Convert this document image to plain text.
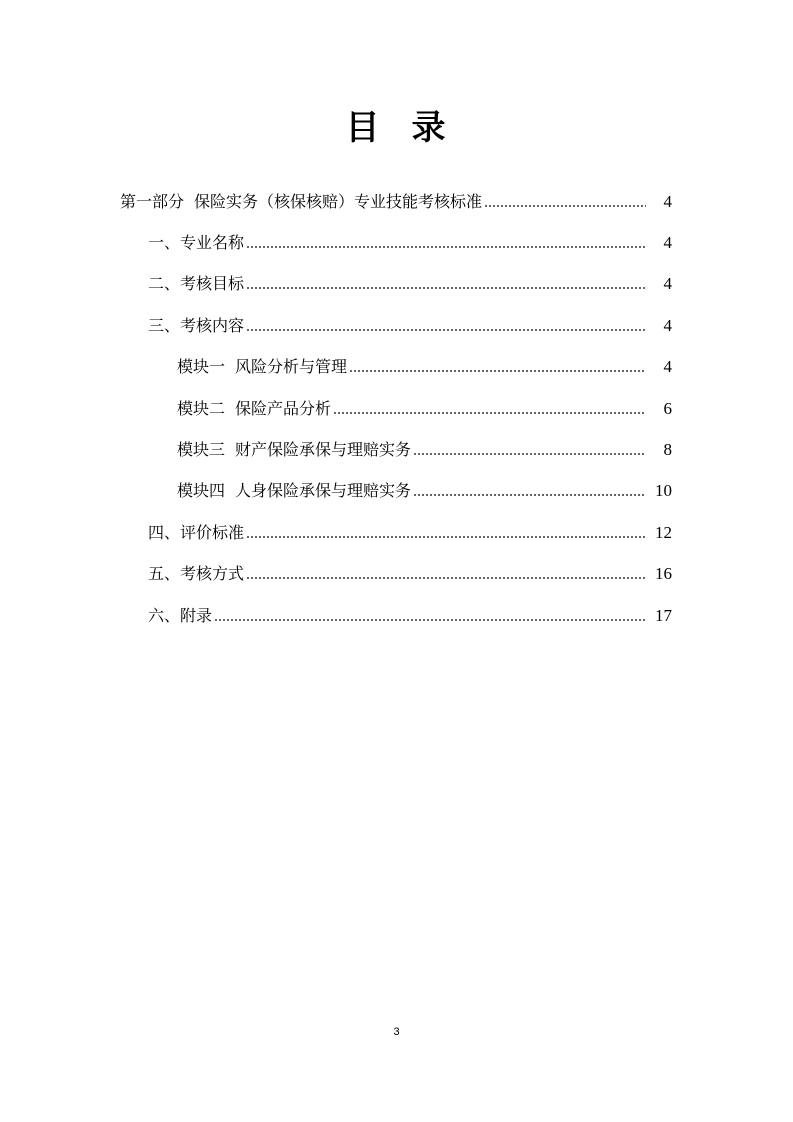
目 录
第一部分 保险实务（核保核赔）专业技能考核标准	4
一、专业名称	4
二、考核目标	4
三、考核内容	4
模块一 风险分析与管理	4
模块二 保险产品分析	6
模块三 财产保险承保与理赔实务	8
模块四 人身保险承保与理赔实务	10
四、评价标准	12
五、考核方式	16
六、附录	17
3
